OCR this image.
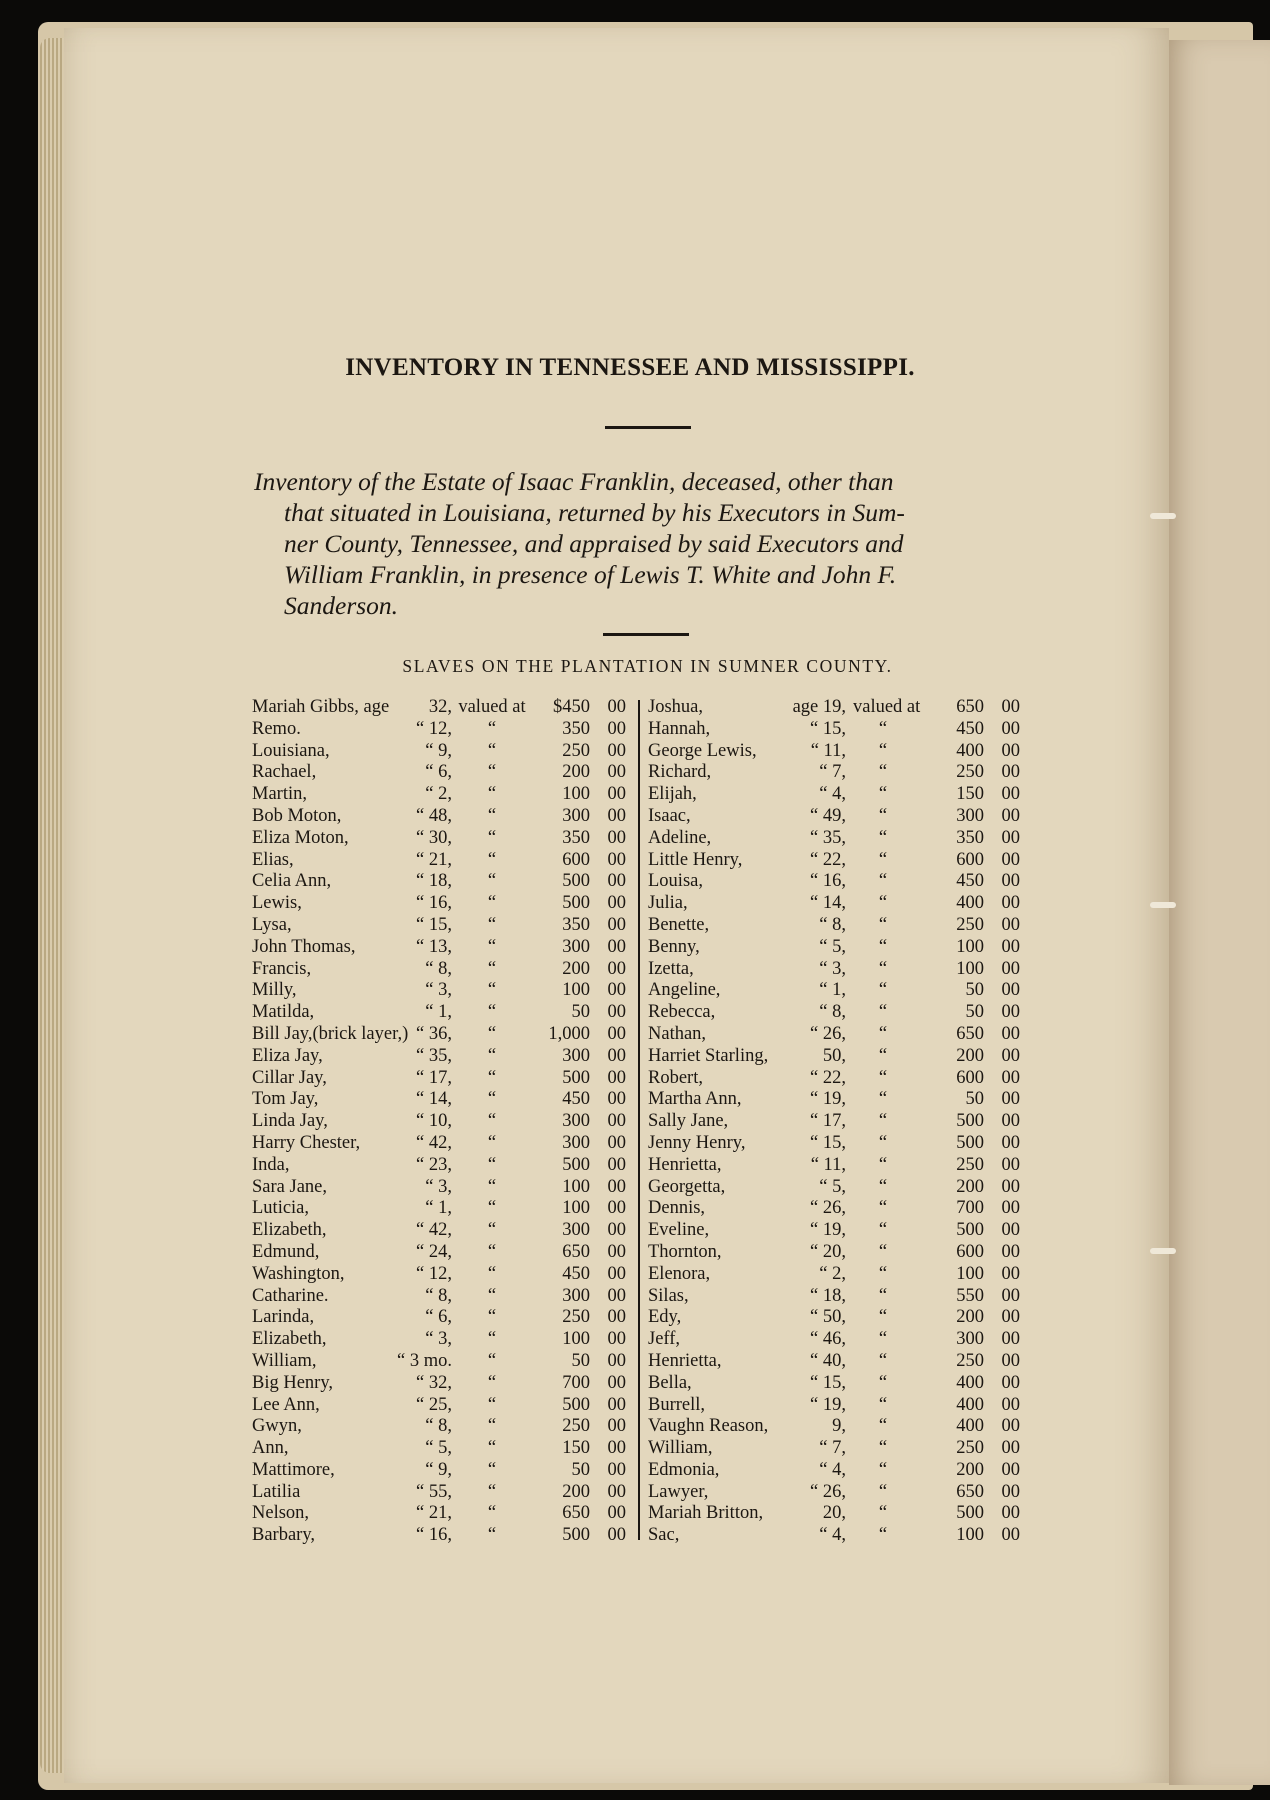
INVENTORY IN TENNESSEE AND MISSISSIPPI.

Inventory of the Estate of Isaac Franklin, deceased, other than
that situated in Louisiana, returned by his Executors in Sum-
ner County, Tennessee, and appraised by said Executors and
William Franklin, in presence of Lewis T. White and John F.
Sanderson.

SLAVES ON THE PLANTATION IN SUMNER COUNTY.
Mariah Gibbs, age	32, valued at	$450 00
Remo.	“ 12,	“	350 00
Louisiana,	“ 9,	“	250 00
Rachael,	“ 6,	“	200 00
Martin,	“ 2,	“	100 00
Bob Moton,	“ 48,	“	300 00
Eliza Moton,	“ 30,	“	350 00
Elias,	“ 21,	“	600 00
Celia Ann,	“ 18,	“	500 00
Lewis,	“ 16,	“	500 00
Lysa,	“ 15,	“	350 00
John Thomas,	“ 13,	“	300 00
Francis,	“ 8,	“	200 00
Milly,	“ 3,	“	100 00
Matilda,	“ 1,	“	50 00
Bill Jay,(brick layer,) “ 36,	“	1,000 00
Eliza Jay,	“ 35,	“	300 00
Cillar Jay,	“ 17,	“	500 00
Tom Jay,	“ 14,	“	450 00
Linda Jay,	“ 10,	“	300 00
Harry Chester,	“ 42,	“	300 00
Inda,	“ 23,	“	500 00
Sara Jane,	“ 3,	“	100 00
Luticia,	“ 1,	“	100 00
Elizabeth,	“ 42,	“	300 00
Edmund,	“ 24,	“	650 00
Washington,	“ 12,	“	450 00
Catharine.	“ 8,	“	300 00
Larinda,	“ 6,	“	250 00
Elizabeth,	“ 3,	“	100 00
William,	“ 3 mo.	“	50 00
Big Henry,	“ 32,	“	700 00
Lee Ann,	“ 25,	“	500 00
Gwyn,	“ 8,	“	250 00
Ann,	“ 5,	“	150 00
Mattimore,	“ 9,	“	50 00
Latilia	“ 55,	“	200 00
Nelson,	“ 21,	“	650 00
Barbary,	“ 16,	“	500 00
Joshua,	age 19, valued at	650 00
Hannah,	“ 15,	“	450 00
George Lewis,	“ 11,	“	400 00
Richard,	“ 7,	“	250 00
Elijah,	“ 4,	“	150 00
Isaac,	“ 49,	“	300 00
Adeline,	“ 35,	“	350 00
Little Henry,	“ 22,	“	600 00
Louisa,	“ 16,	“	450 00
Julia,	“ 14,	“	400 00
Benette,	“ 8,	“	250 00
Benny,	“ 5,	“	100 00
Izetta,	“ 3,	“	100 00
Angeline,	“ 1,	“	50 00
Rebecca,	“ 8,	“	50 00
Nathan,	“ 26,	“	650 00
Harriet Starling,	50,	“	200 00
Robert,	“ 22,	“	600 00
Martha Ann,	“ 19,	“	50 00
Sally Jane,	“ 17,	“	500 00
Jenny Henry,	“ 15,	“	500 00
Henrietta,	“ 11,	“	250 00
Georgetta,	“ 5,	“	200 00
Dennis,	“ 26,	“	700 00
Eveline,	“ 19,	“	500 00
Thornton,	“ 20,	“	600 00
Elenora,	“ 2,	“	100 00
Silas,	“ 18,	“	550 00
Edy,	“ 50,	“	200 00
Jeff,	“ 46,	“	300 00
Henrietta,	“ 40,	“	250 00
Bella,	“ 15,	“	400 00
Burrell,	“ 19,	“	400 00
Vaughn Reason,	9,	“	400 00
William,	“ 7,	“	250 00
Edmonia,	“ 4,	“	200 00
Lawyer,	“ 26,	“	650 00
Mariah Britton,	20,	“	500 00
Sac,	“ 4,	“	100 00
